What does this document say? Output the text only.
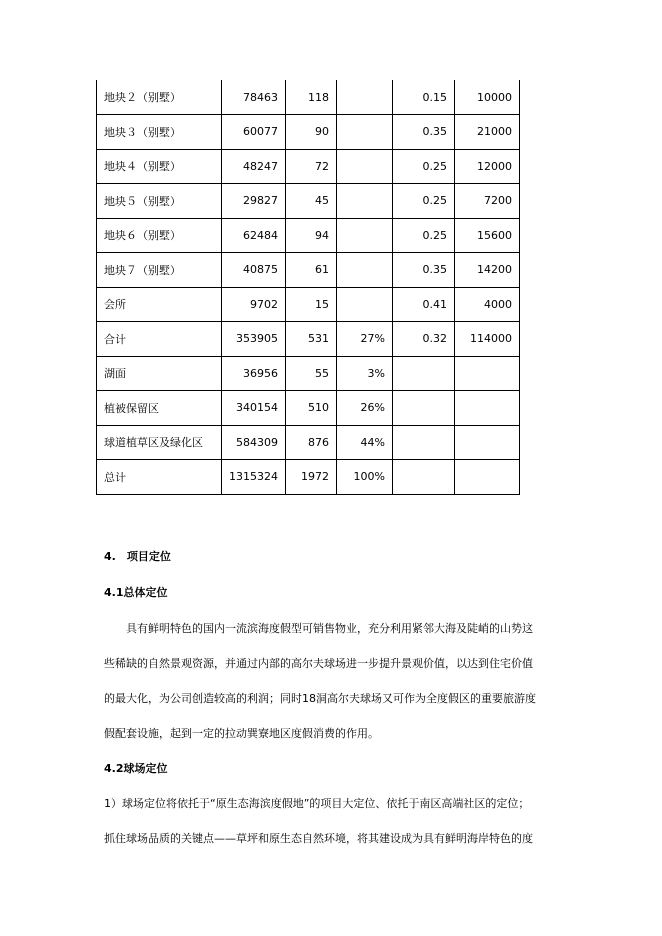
地块２（别墅）	78463	118		0.15	10000
地块３（别墅）	60077	90		0.35	21000
地块４（别墅）	48247	72		0.25	12000
地块５（别墅）	29827	45		0.25	7200
地块６（别墅）	62484	94		0.25	15600
地块７（别墅）	40875	61		0.35	14200
会所	9702	15		0.41	4000
合计	353905	531	27%	0.32	114000
湖面	36956	55	3%		
植被保留区	340154	510	26%		
球道植草区及绿化区	584309	876	44%		
总计	1315324	1972	100%		
4.　项目定位
4.1总体定位
　　具有鲜明特色的国内一流滨海度假型可销售物业，充分利用紧邻大海及陡峭的山势这
些稀缺的自然景观资源，并通过内部的高尔夫球场进一步提升景观价值，以达到住宅价值
的最大化，为公司创造较高的利润；同时18洞高尔夫球场又可作为全度假区的重要旅游度
假配套设施，起到一定的拉动巽寮地区度假消费的作用。
4.2球场定位
1）球场定位将依托于“原生态海滨度假地”的项目大定位、依托于南区高端社区的定位；
抓住球场品质的关键点——草坪和原生态自然环境，将其建设成为具有鲜明海岸特色的度
